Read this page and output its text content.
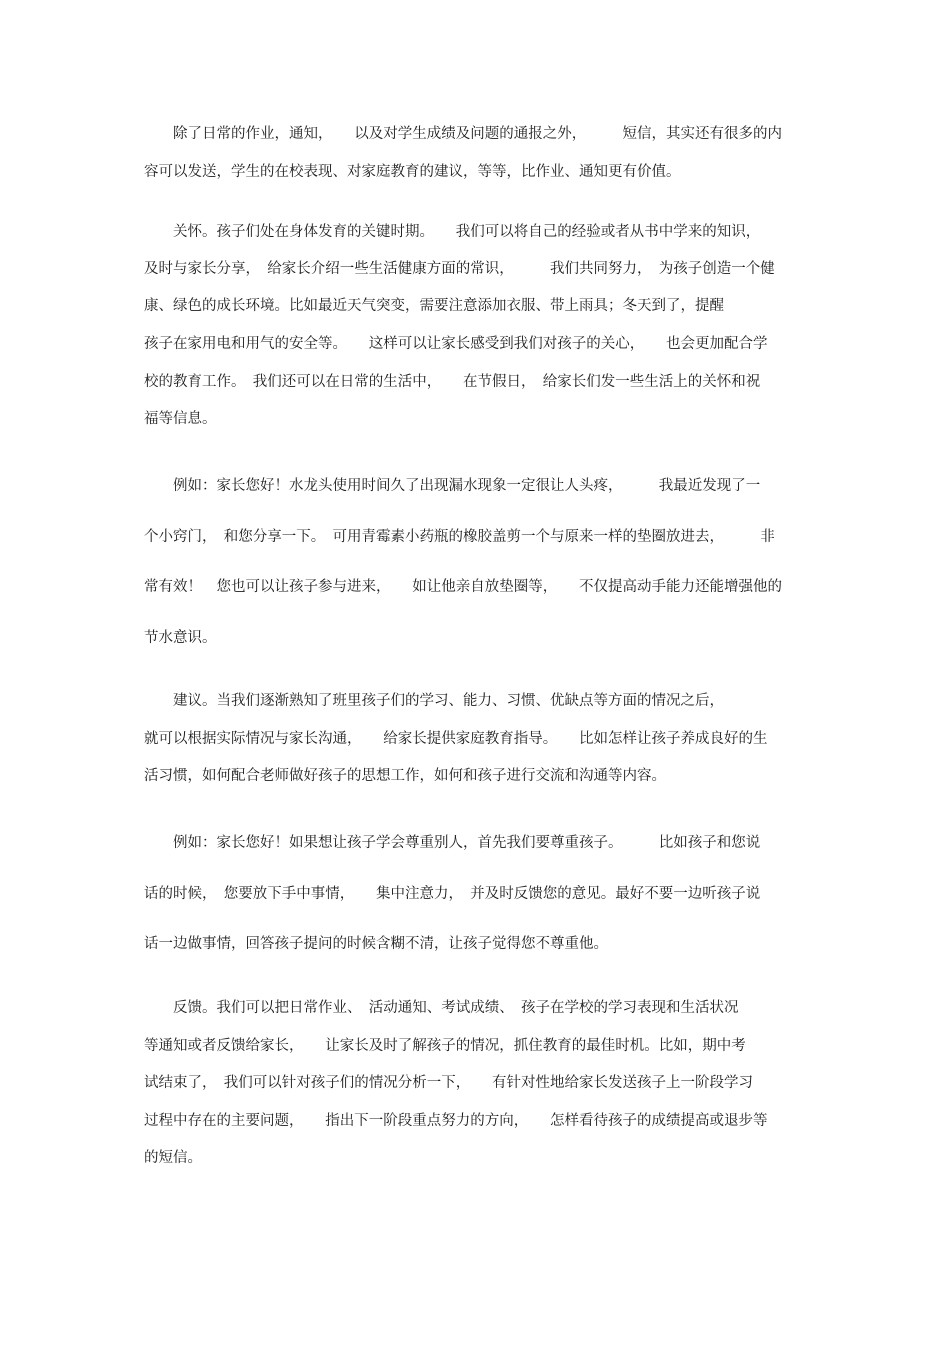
　　除了日常的作业，通知，　　以及对学生成绩及问题的通报之外，　　　短信，其实还有很多的内
容可以发送，学生的在校表现、对家庭教育的建议，等等，比作业、通知更有价值。
　　关怀。孩子们处在身体发育的关键时期。　　我们可以将自己的经验或者从书中学来的知识，
及时与家长分享，　给家长介绍一些生活健康方面的常识，　　　我们共同努力，　为孩子创造一个健
康、绿色的成长环境。比如最近天气突变，需要注意添加衣服、带上雨具；冬天到了，提醒
孩子在家用电和用气的安全等。　　这样可以让家长感受到我们对孩子的关心，　　也会更加配合学
校的教育工作。　我们还可以在日常的生活中，　　在节假日，　给家长们发一些生活上的关怀和祝
福等信息。
　　例如：家长您好！水龙头使用时间久了出现漏水现象一定很让人头疼，　　　我最近发现了一
个小窍门，　和您分享一下。　可用青霉素小药瓶的橡胶盖剪一个与原来一样的垫圈放进去，　　　非
常有效！　您也可以让孩子参与进来，　　如让他亲自放垫圈等，　　不仅提高动手能力还能增强他的
节水意识。
　　建议。当我们逐渐熟知了班里孩子们的学习、能力、习惯、优缺点等方面的情况之后，
就可以根据实际情况与家长沟通，　　给家长提供家庭教育指导。　　比如怎样让孩子养成良好的生
活习惯，如何配合老师做好孩子的思想工作，如何和孩子进行交流和沟通等内容。
　　例如：家长您好！如果想让孩子学会尊重别人，首先我们要尊重孩子。　　　比如孩子和您说
话的时候，　您要放下手中事情，　　集中注意力，　并及时反馈您的意见。最好不要一边听孩子说
话一边做事情，回答孩子提问的时候含糊不清，让孩子觉得您不尊重他。
　　反馈。我们可以把日常作业、　活动通知、考试成绩、　孩子在学校的学习表现和生活状况
等通知或者反馈给家长，　　让家长及时了解孩子的情况，抓住教育的最佳时机。比如，期中考
试结束了，　我们可以针对孩子们的情况分析一下，　　有针对性地给家长发送孩子上一阶段学习
过程中存在的主要问题，　　指出下一阶段重点努力的方向，　　怎样看待孩子的成绩提高或退步等
的短信。
